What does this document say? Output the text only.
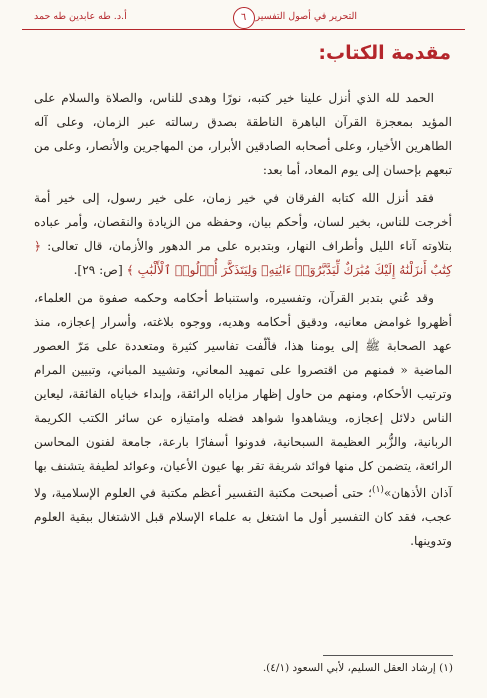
التحرير في أصول التفسير
٦
أ.د. طه عابدين طه حمد
مقدمة الكتاب:

الحمد لله الذي أنزل علينا خير كتبه، نورًا وهدى للناس، والصلاة والسلام على المؤيد بمعجزة القرآن الباهرة الناطقة بصدق رسالته عبر الزمان، وعلى آله الطاهرين الأخيار، وعلى أصحابه الصادقين الأبرار، من المهاجرين والأنصار، وعلى من تبعهم بإحسان إلى يوم المعاد، أما بعد:

فقد أنزل الله كتابه الفرقان في خير زمان، على خير رسول، إلى خير أمة أخرجت للناس، بخير لسان، وأحكم بيان، وحفظه من الزيادة والنقصان، وأمر عباده بتلاوته آناء الليل وأطراف النهار، وبتدبره على مر الدهور والأزمان، قال تعالى: ﴿ كِتَٰبٌ أَنزَلْنَٰهُ إِلَيْكَ مُبَٰرَكٌ لِّيَدَّبَّرُوٓا۟ ءَايَٰتِهِۦ وَلِيَتَذَكَّرَ أُو۟لُوا۟ ٱلْأَلْبَٰبِ ﴾ [ص: ٢٩].

وقد عُني بتدبر القرآن، وتفسيره، واستنباط أحكامه وحكمه صفوة من العلماء، أظهروا غوامض معانيه، ودقيق أحكامه وهديه، ووجوه بلاغته، وأسرار إعجازه، منذ عهد الصحابة ﷺ إلى يومنا هذا، فألّفت تفاسير كثيرة ومتعددة على مَرّ العصور الماضية « فمنهم من اقتصروا على تمهيد المعاني، وتشييد المباني، وتبيين المرام وترتيب الأحكام، ومنهم من حاول إظهار مزاياه الرائقة، وإبداء خباياه الفائقة، ليعاين الناس دلائل إعجازه، ويشاهدوا شواهد فضله وامتيازه عن سائر الكتب الكريمة الربانية، والزُّبر العظيمة السبحانية، فدونوا أسفارًا بارعة، جامعة لفنون المحاسن الرائعة، يتضمن كل منها فوائد شريفة تقر بها عيون الأعيان، وعوائد لطيفة يتشنف بها آذان الأذهان»$^{(١)}$؛ حتى أصبحت مكتبة التفسير أعظم مكتبة في العلوم الإسلامية، ولا عجب، فقد كان التفسير أول ما اشتغل به علماء الإسلام قبل الاشتغال ببقية العلوم وتدوينها.

(١) إرشاد العقل السليم، لأبي السعود (٤/١).
